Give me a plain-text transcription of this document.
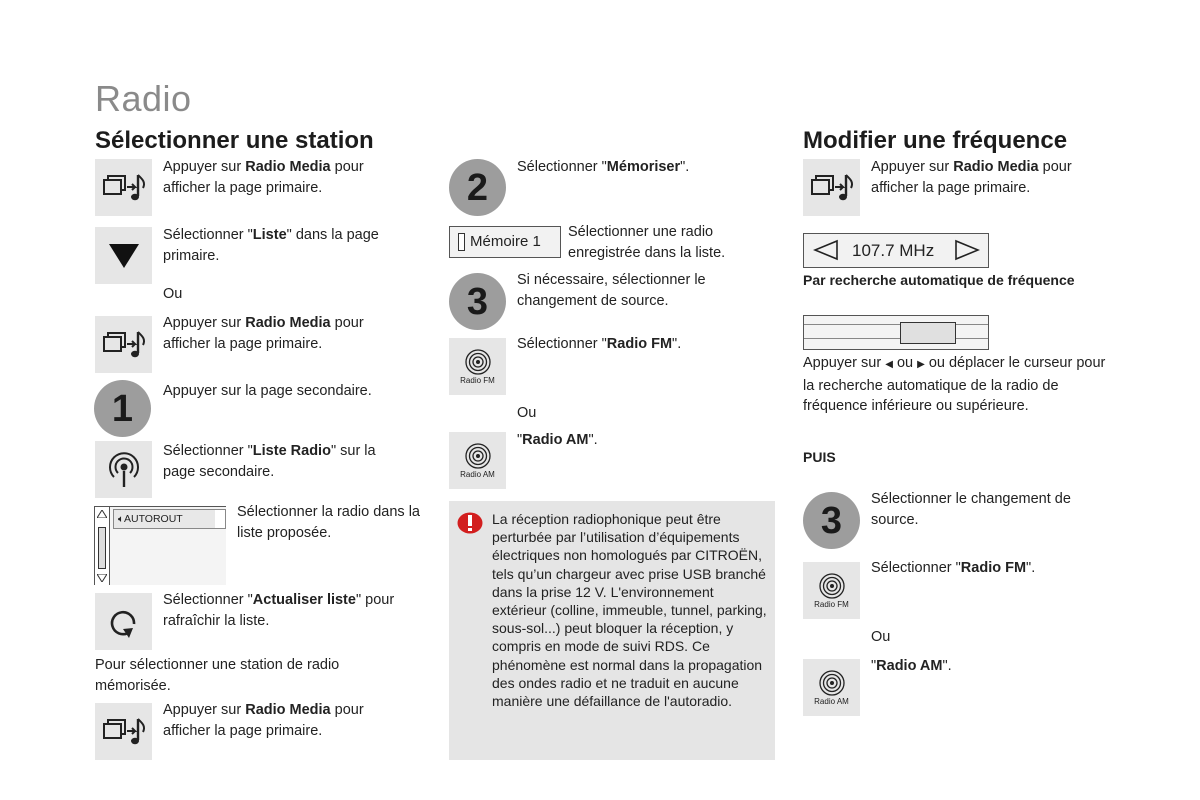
Radio
Sélectionner une station
Appuyer sur Radio Media pour afficher la page primaire.
Sélectionner "Liste" dans la page primaire.
Ou
Appuyer sur Radio Media pour afficher la page primaire.
1 Appuyer sur la page secondaire.
Sélectionner "Liste Radio" sur la page secondaire.
🔈︎AUTOROUT	Sélectionner la radio dans la liste proposée.
Sélectionner "Actualiser liste" pour rafraîchir la liste.
Pour sélectionner une station de radio mémorisée.
Appuyer sur Radio Media pour afficher la page primaire.
2 Sélectionner "Mémoriser".
Mémoire 1
Sélectionner une radio enregistrée dans la liste.
3
Si nécessaire, sélectionner le changement de source.
Radio FM
Sélectionner "Radio FM".
Ou
Radio AM
"Radio AM".
La réception radiophonique peut être perturbée par l’utilisation d’équipements électriques non homologués par CITROËN, tels qu’un chargeur avec prise USB branché dans la prise 12 V. L'environnement extérieur (colline, immeuble, tunnel, parking, sous-sol...) peut bloquer la réception, y compris en mode de suivi RDS. Ce phénomène est normal dans la propagation des ondes radio et ne traduit en aucune manière une défaillance de l'autoradio.
Modifier une fréquence
Appuyer sur Radio Media pour afficher la page primaire.
107.7 MHz
Par recherche automatique de fréquence
Appuyer sur ◀ ou ▶ ou déplacer le curseur pour la recherche automatique de la radio de fréquence inférieure ou supérieure.
PUIS
3
Sélectionner le changement de source.
Radio FM
Sélectionner "Radio FM".
Ou
Radio AM
"Radio AM".
